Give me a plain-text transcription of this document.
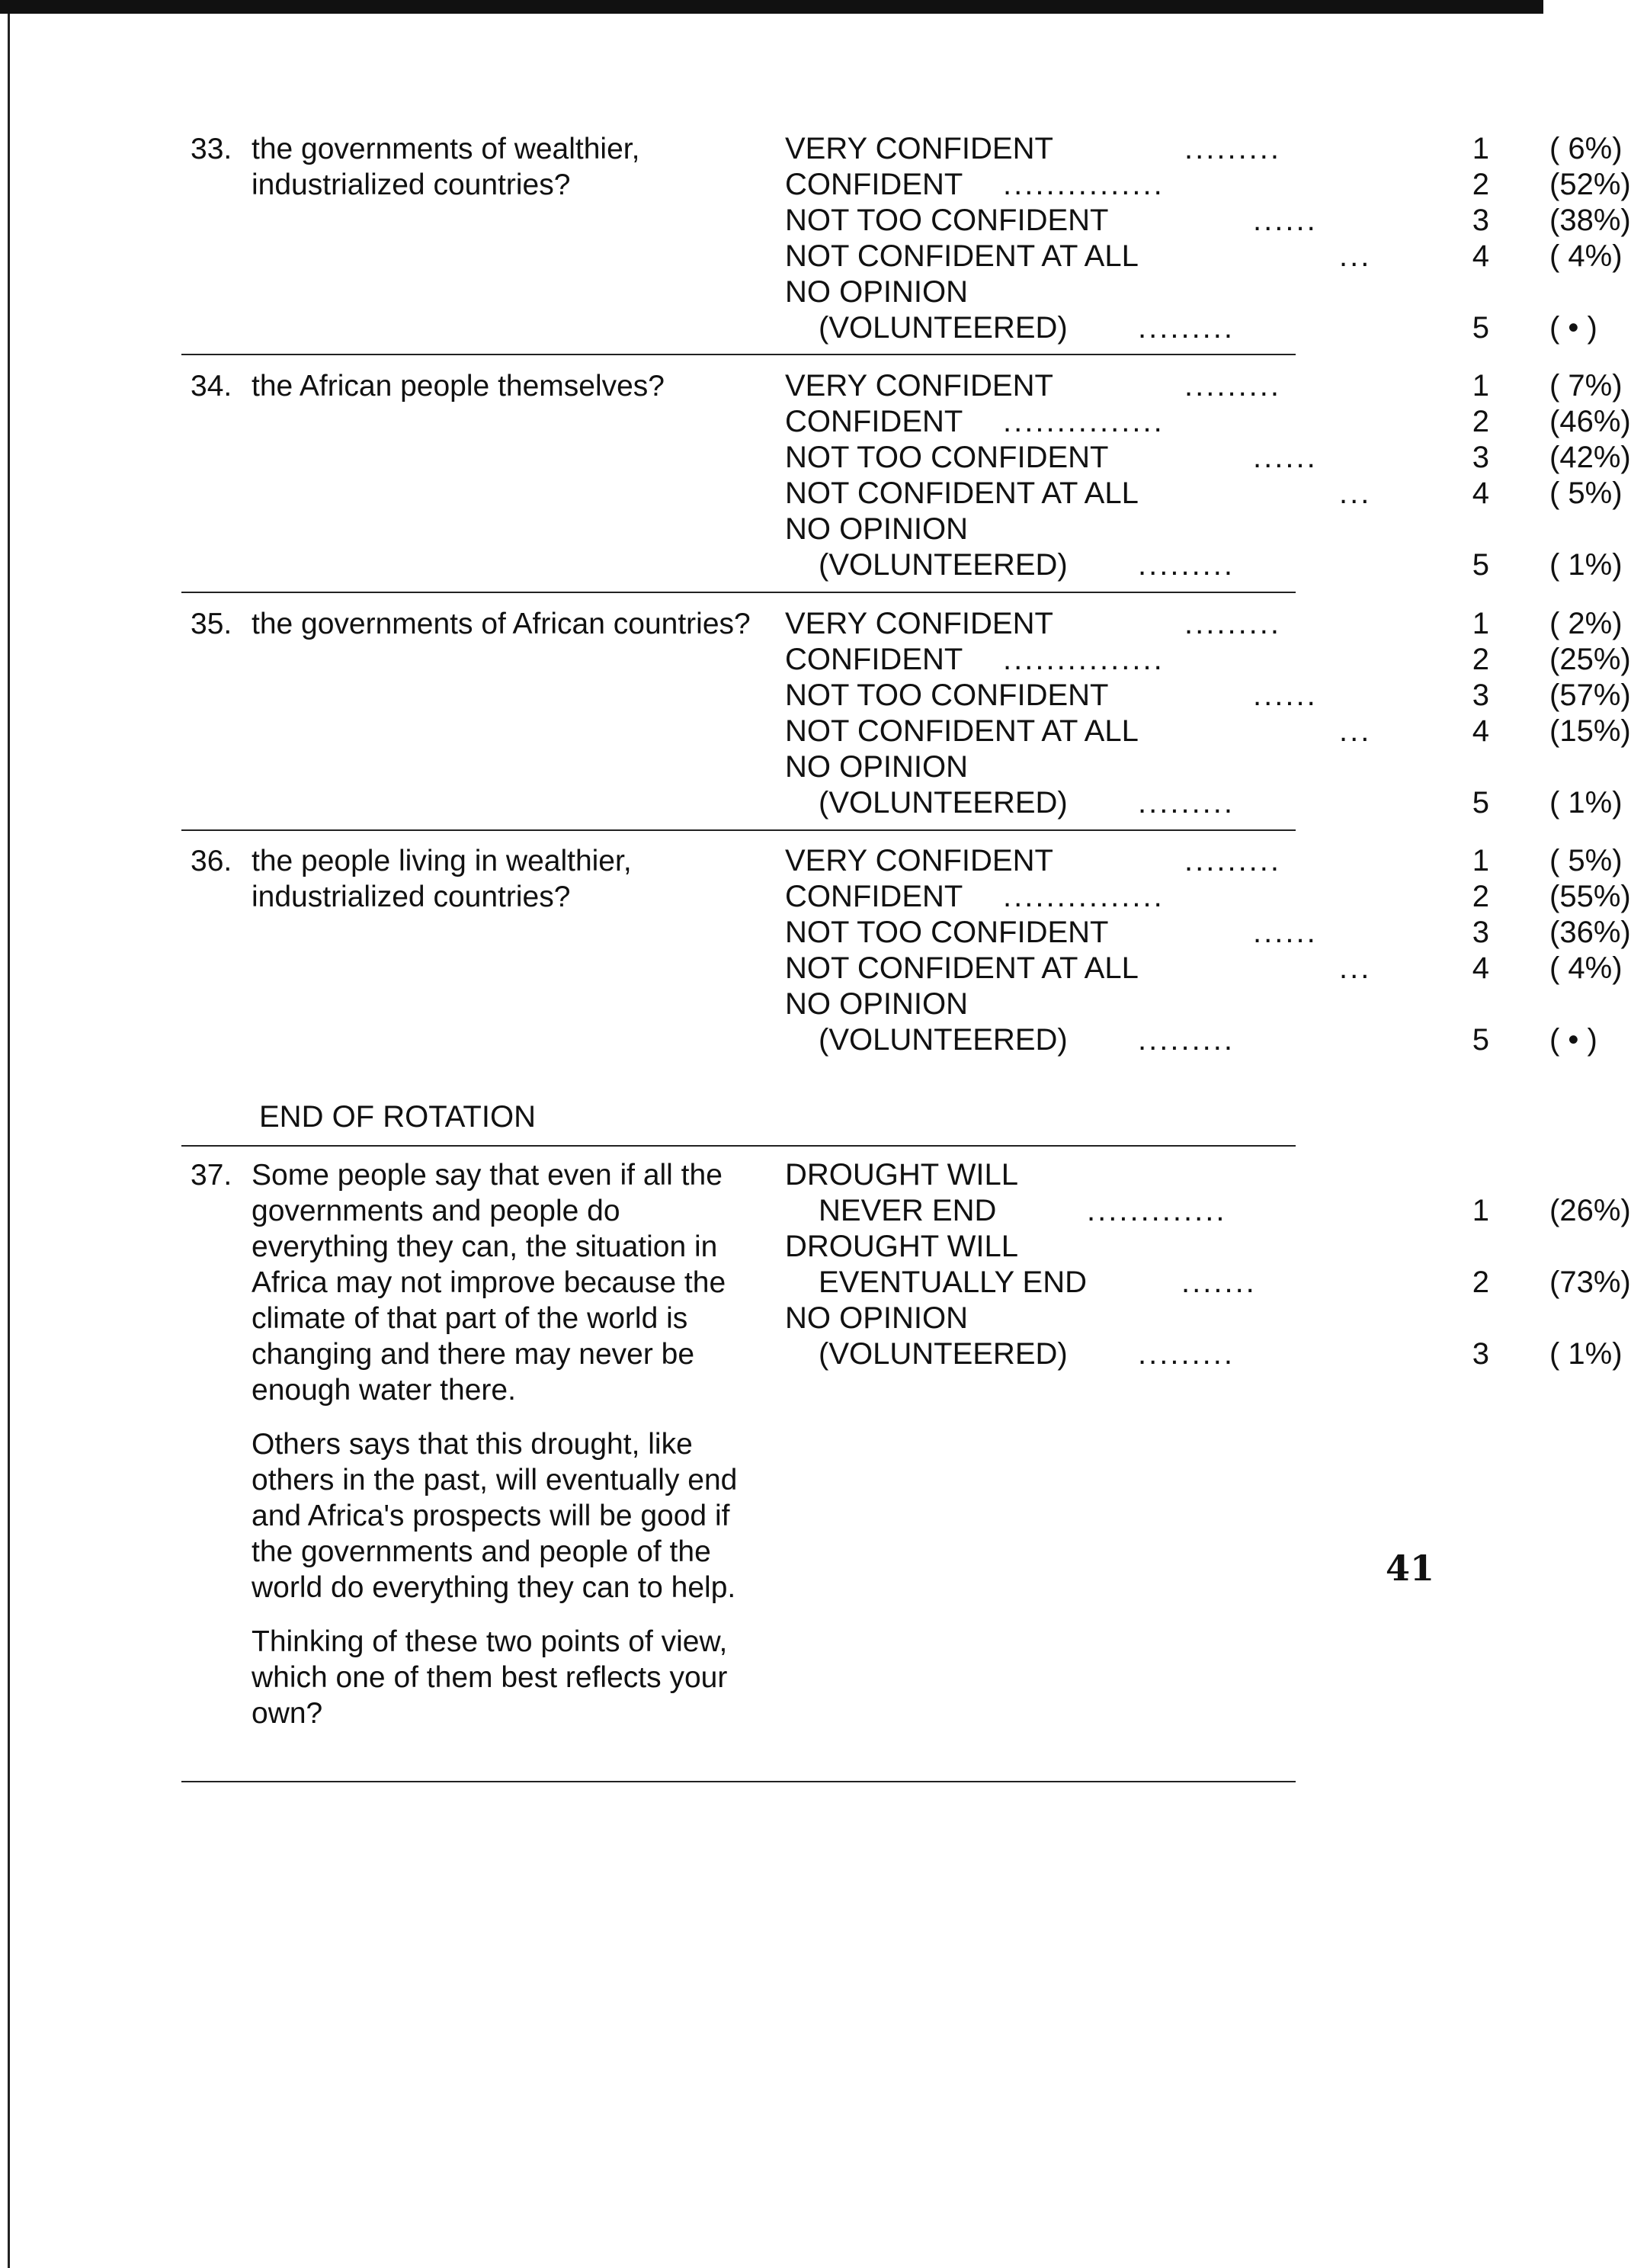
33. the governments of wealthier, industrialized countries?

VERY CONFIDENT	.........	1 ( 6%)
CONFIDENT ...............	2 (52%)
NOT TOO CONFIDENT	......	3 (38%)
NOT CONFIDENT AT ALL	...	4 ( 4%)
NO OPINION
(VOLUNTEERED) .........	5 ( • )
34. the African people themselves?	VERY CONFIDENT	.........	1 ( 7%)
CONFIDENT ...............	2 (46%)
NOT TOO CONFIDENT	......	3 (42%)
NOT CONFIDENT AT ALL	...	4 ( 5%)
NO OPINION
(VOLUNTEERED) .........	5 ( 1%)
35. the governments of African countries? VERY CONFIDENT	.........	1 ( 2%)
CONFIDENT ...............	2 (25%)
NOT TOO CONFIDENT	......	3 (57%)
NOT CONFIDENT AT ALL	...	4 (15%)
NO OPINION
(VOLUNTEERED) .........	5 ( 1%)
36. the people living in wealthier, industrialized countries?

VERY CONFIDENT	.........	1 ( 5%)
CONFIDENT ...............	2 (55%)
NOT TOO CONFIDENT	......	3 (36%)
NOT CONFIDENT AT ALL	...	4 ( 4%)
NO OPINION
(VOLUNTEERED) .........	5 ( • )
37. Some people say that even if all the governments and people do everything they can, the situation in Africa may not improve because the climate of that part of the world is changing and there may never be enough water there.

Others says that this drought, like others in the past, will eventually end and Africa's prospects will be good if the governments and people of the world do everything they can to help.

Thinking of these two points of view, which one of them best reflects your own?

DROUGHT WILL
NEVER END	.............	1 (26%)
DROUGHT WILL
EVENTUALLY END	.......	2 (73%)
NO OPINION
(VOLUNTEERED) .........	3 ( 1%)
END OF ROTATION
41
